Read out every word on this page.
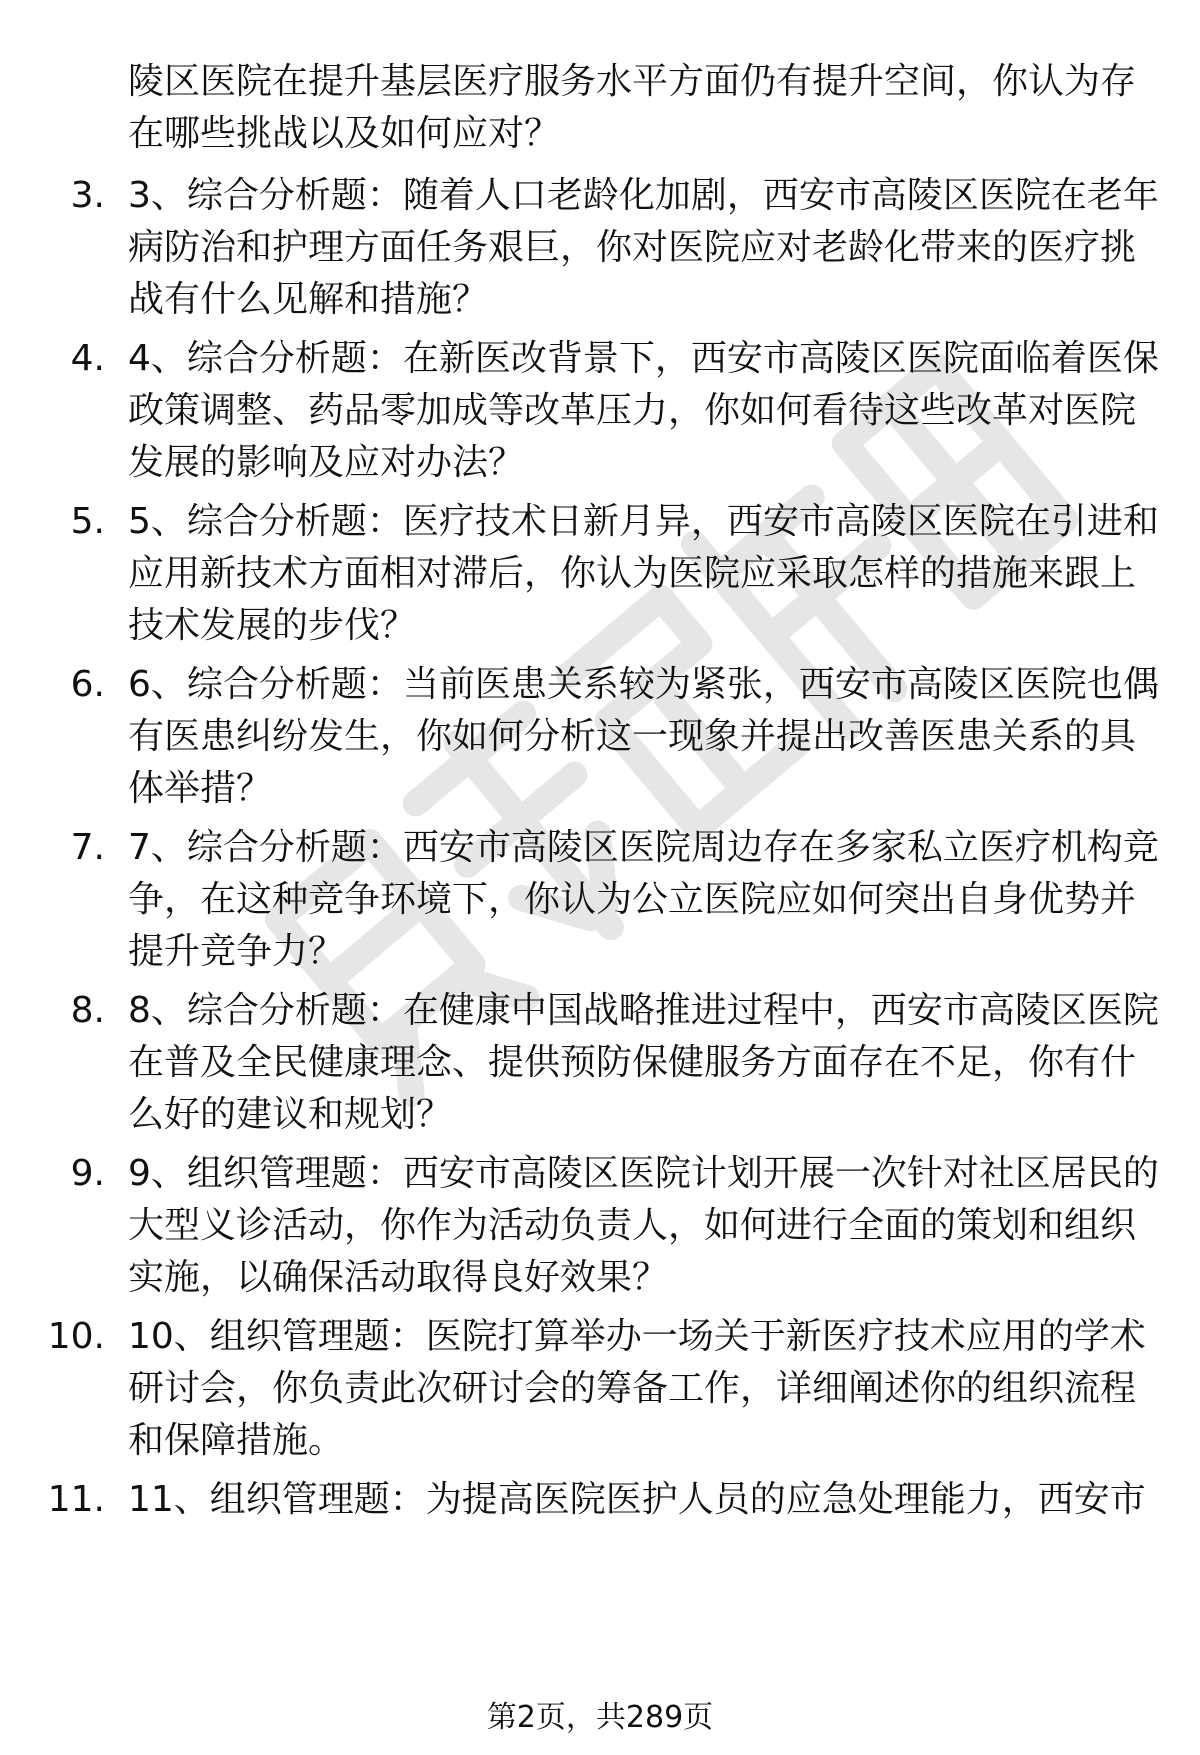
陵区医院在提升基层医疗服务水平方面仍有提升空间，你认为存
在哪些挑战以及如何应对？
3. 3、综合分析题：随着人口老龄化加剧，西安市高陵区医院在老年
病防治和护理方面任务艰巨，你对医院应对老龄化带来的医疗挑
战有什么见解和措施？
4. 4、综合分析题：在新医改背景下，西安市高陵区医院面临着医保
政策调整、药品零加成等改革压力，你如何看待这些改革对医院
发展的影响及应对办法？
5. 5、综合分析题：医疗技术日新月异，西安市高陵区医院在引进和
应用新技术方面相对滞后，你认为医院应采取怎样的措施来跟上
技术发展的步伐？
6. 6、综合分析题：当前医患关系较为紧张，西安市高陵区医院也偶
有医患纠纷发生，你如何分析这一现象并提出改善医患关系的具
体举措？
7. 7、综合分析题：西安市高陵区医院周边存在多家私立医疗机构竞
争，在这种竞争环境下，你认为公立医院应如何突出自身优势并
提升竞争力？
8. 8、综合分析题：在健康中国战略推进过程中，西安市高陵区医院
在普及全民健康理念、提供预防保健服务方面存在不足，你有什
么好的建议和规划？
9. 9、组织管理题：西安市高陵区医院计划开展一次针对社区居民的
大型义诊活动，你作为活动负责人，如何进行全面的策划和组织
实施，以确保活动取得良好效果？
10. 10、组织管理题：医院打算举办一场关于新医疗技术应用的学术
研讨会，你负责此次研讨会的筹备工作，详细阐述你的组织流程
和保障措施。
11. 11、组织管理题：为提高医院医护人员的应急处理能力，西安市
第2页，共289页
